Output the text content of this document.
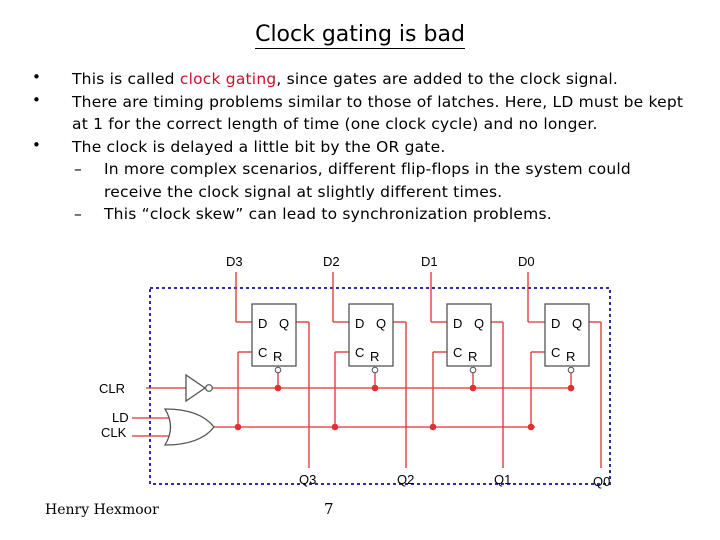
Clock gating is bad
• This is called clock gating, since gates are added to the clock signal.
• There are timing problems similar to those of latches. Here, LD must be kept at 1 for the correct length of time (one clock cycle) and no longer.
• The clock is delayed a little bit by the OR gate.
– In more complex scenarios, different flip-flops in the system could receive the clock signal at slightly different times.
– This “clock skew” can lead to synchronization problems.
D Q
C R
D Q
C R
D Q
C R
D Q
C R
D3	D2	D1	D0
Q3	Q2	Q1	Q0
CLR
LD
CLK
Henry Hexmoor	7
